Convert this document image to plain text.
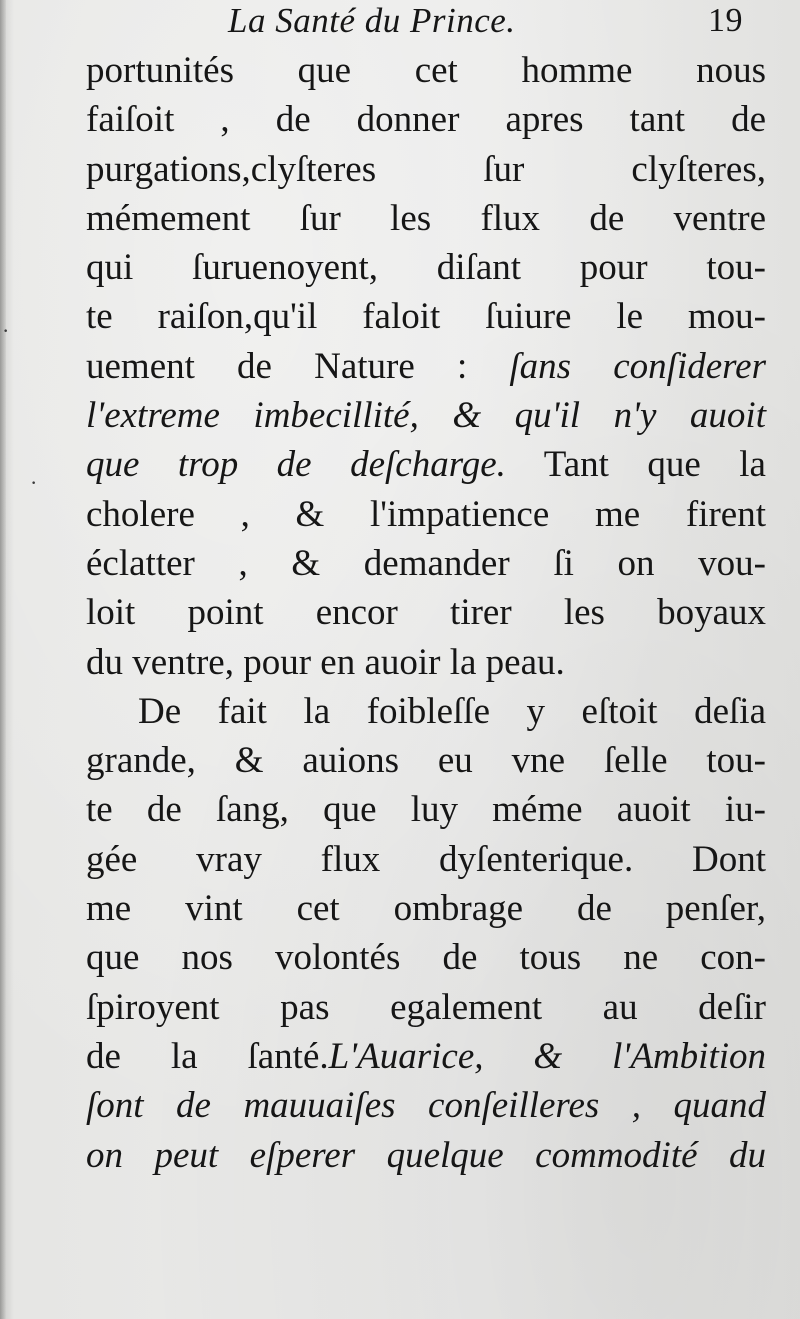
La Santé du Prince.	19
portunités que cet homme nous
faiſoit , de donner apres tant de
purgations,clyſteres ſur clyſteres,
mémement ſur les flux de ventre
qui ſuruenoyent, diſant pour tou-
te raiſon,qu'il faloit ſuiure le mou-
uement de Nature : ſans conſiderer
l'extreme imbecillité, & qu'il n'y auoit
que trop de deſcharge. Tant que la
cholere , & l'impatience me firent
éclatter , & demander ſi on vou-
loit point encor tirer les boyaux
du ventre, pour en auoir la peau.
De fait la foibleſſe y eſtoit deſia
grande, & auions eu vne ſelle tou-
te de ſang, que luy méme auoit iu-
gée vray flux dyſenterique. Dont
me vint cet ombrage de penſer,
que nos volontés de tous ne con-
ſpiroyent pas egalement au deſir
de la ſanté.L'Auarice, & l'Ambition
ſont de mauuaiſes conſeilleres , quand
on peut eſperer quelque commodité du
·
·
